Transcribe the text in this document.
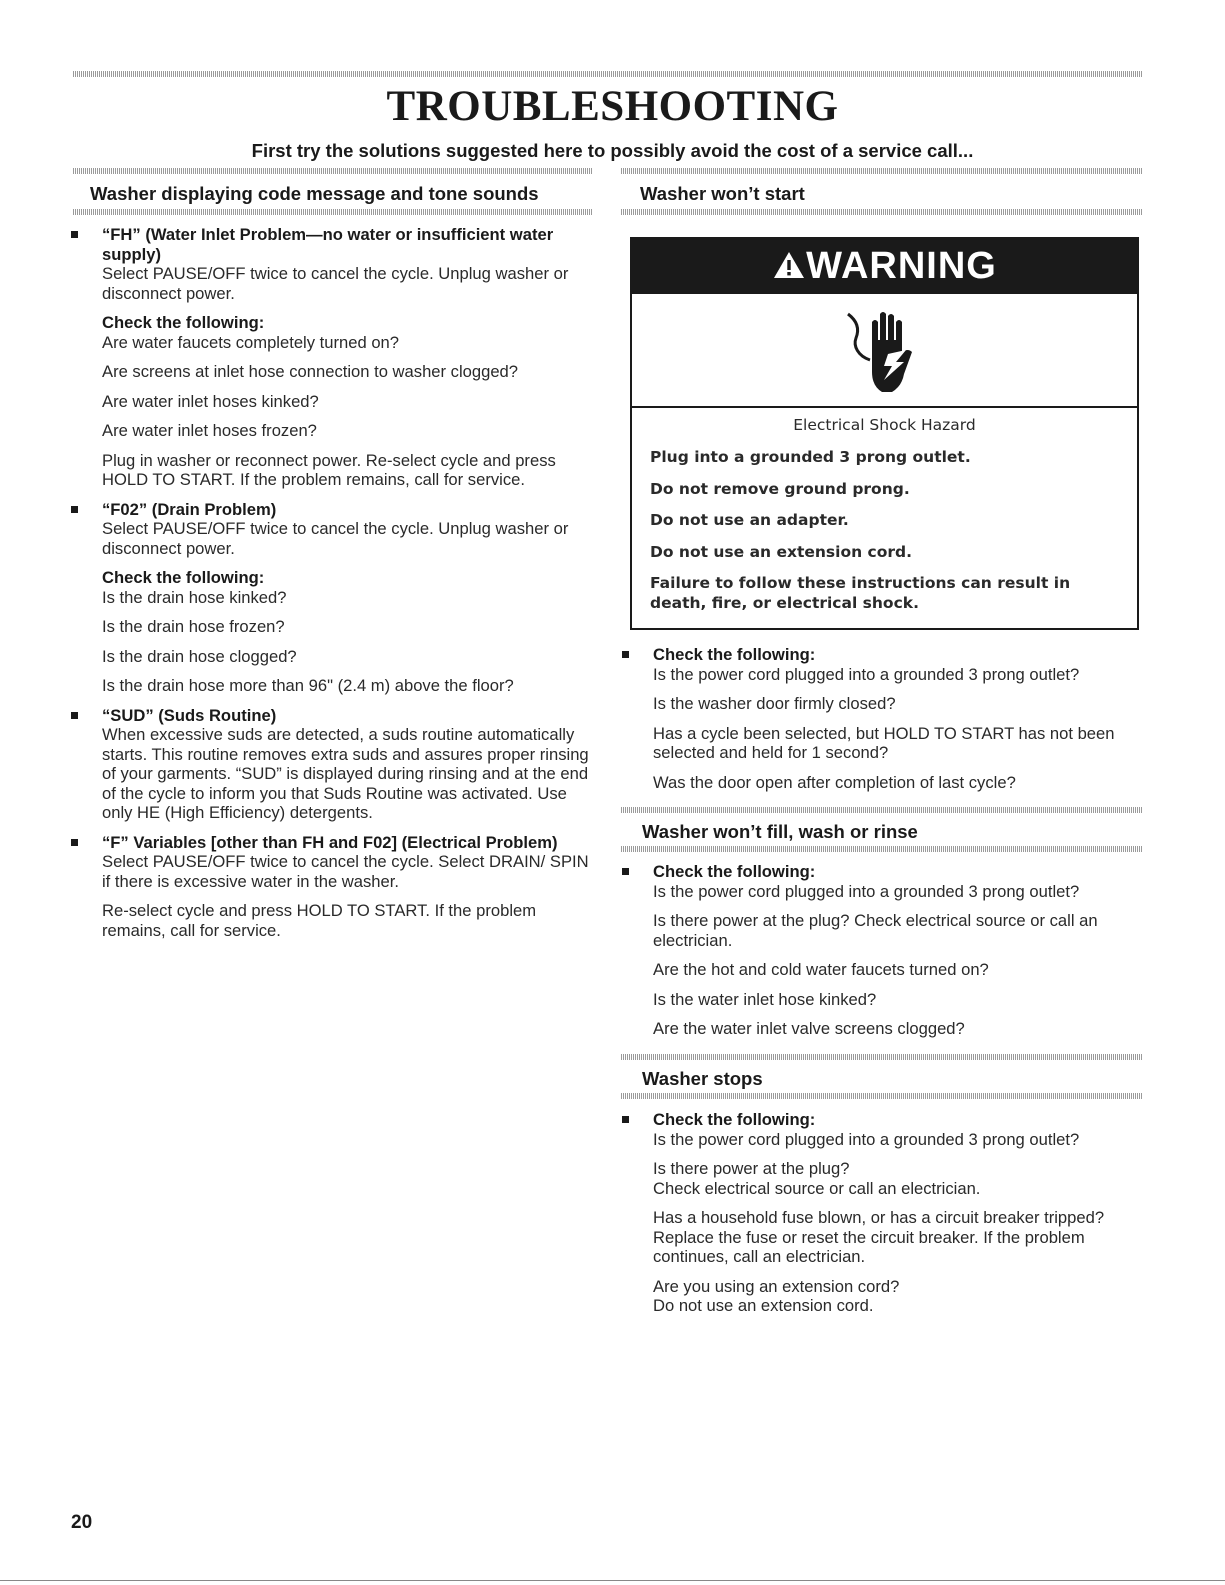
TROUBLESHOOTING
First try the solutions suggested here to possibly avoid the cost of a service call...
Washer displaying code message and tone sounds
“FH” (Water Inlet Problem—no water or insufficient water supply)
Select PAUSE/OFF twice to cancel the cycle. Unplug washer or disconnect power.
Check the following:
Are water faucets completely turned on?
Are screens at inlet hose connection to washer clogged?
Are water inlet hoses kinked?
Are water inlet hoses frozen?
Plug in washer or reconnect power. Re-select cycle and press HOLD TO START. If the problem remains, call for service.
“F02” (Drain Problem)
Select PAUSE/OFF twice to cancel the cycle. Unplug washer or disconnect power.
Check the following:
Is the drain hose kinked?
Is the drain hose frozen?
Is the drain hose clogged?
Is the drain hose more than 96" (2.4 m) above the floor?
“SUD” (Suds Routine)
When excessive suds are detected, a suds routine automatically starts. This routine removes extra suds and assures proper rinsing of your garments. “SUD” is displayed during rinsing and at the end of the cycle to inform you that Suds Routine was activated. Use only HE (High Efficiency) detergents.
“F” Variables [other than FH and F02] (Electrical Problem)
Select PAUSE/OFF twice to cancel the cycle. Select DRAIN/ SPIN if there is excessive water in the washer.
Re-select cycle and press HOLD TO START. If the problem remains, call for service.
Washer won’t start
WARNING
Electrical Shock Hazard
Plug into a grounded 3 prong outlet.
Do not remove ground prong.
Do not use an adapter.
Do not use an extension cord.
Failure to follow these instructions can result in death, fire, or electrical shock.
Check the following:
Is the power cord plugged into a grounded 3 prong outlet?
Is the washer door firmly closed?
Has a cycle been selected, but HOLD TO START has not been selected and held for 1 second?
Was the door open after completion of last cycle?
Washer won’t fill, wash or rinse
Check the following:
Is the power cord plugged into a grounded 3 prong outlet?
Is there power at the plug? Check electrical source or call an electrician.
Are the hot and cold water faucets turned on?
Is the water inlet hose kinked?
Are the water inlet valve screens clogged?
Washer stops
Check the following:
Is the power cord plugged into a grounded 3 prong outlet?
Is there power at the plug?
Check electrical source or call an electrician.
Has a household fuse blown, or has a circuit breaker tripped? Replace the fuse or reset the circuit breaker. If the problem continues, call an electrician.
Are you using an extension cord?
Do not use an extension cord.
20
